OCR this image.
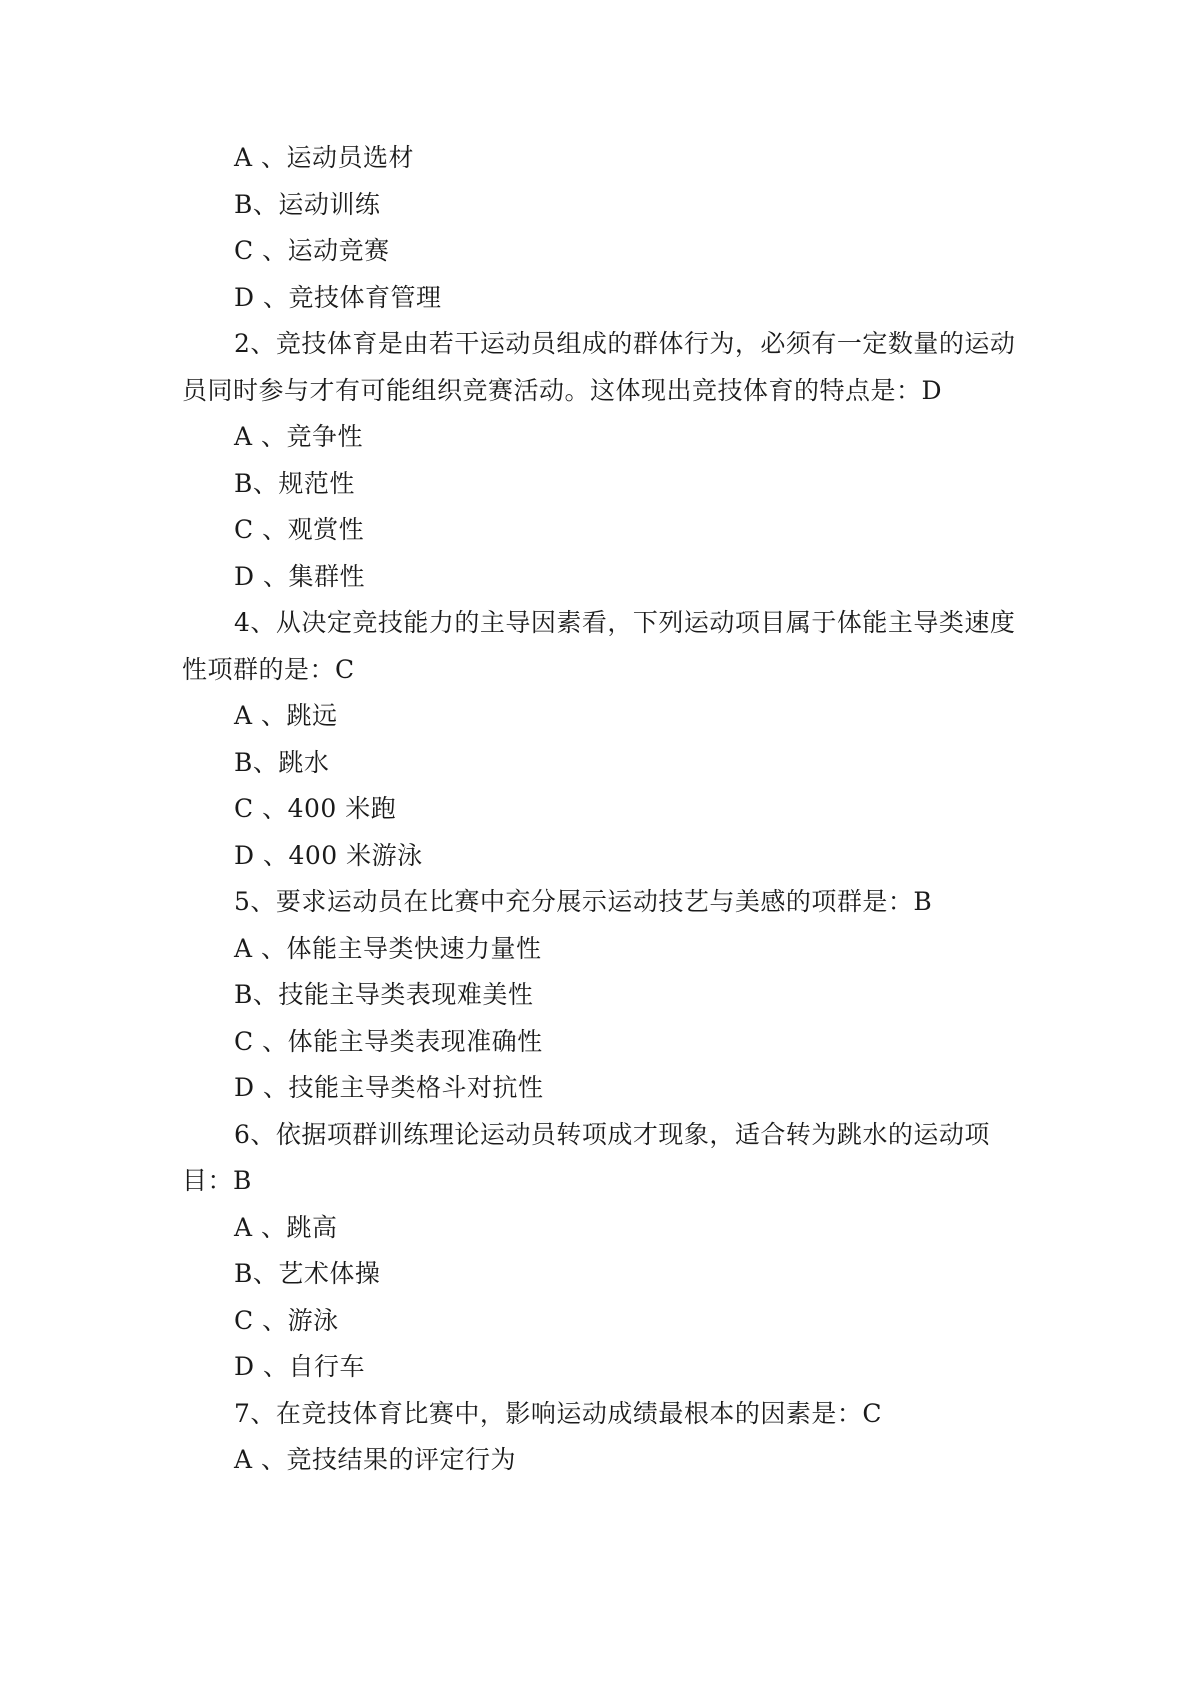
A 、运动员选材
B、运动训练
C 、运动竞赛
D 、竞技体育管理
2、竞技体育是由若干运动员组成的群体行为，必须有一定数量的运动员同时参与才有可能组织竞赛活动。这体现出竞技体育的特点是：D
A 、竞争性
B、规范性
C 、观赏性
D 、集群性
4、从决定竞技能力的主导因素看，下列运动项目属于体能主导类速度性项群的是：C
A 、跳远
B、跳水
C 、400 米跑
D 、400 米游泳
5、要求运动员在比赛中充分展示运动技艺与美感的项群是：B
A 、体能主导类快速力量性
B、技能主导类表现难美性
C 、体能主导类表现准确性
D 、技能主导类格斗对抗性
6、依据项群训练理论运动员转项成才现象，适合转为跳水的运动项目：B
A 、跳高
B、艺术体操
C 、游泳
D 、自行车
7、在竞技体育比赛中，影响运动成绩最根本的因素是：C
A 、竞技结果的评定行为
